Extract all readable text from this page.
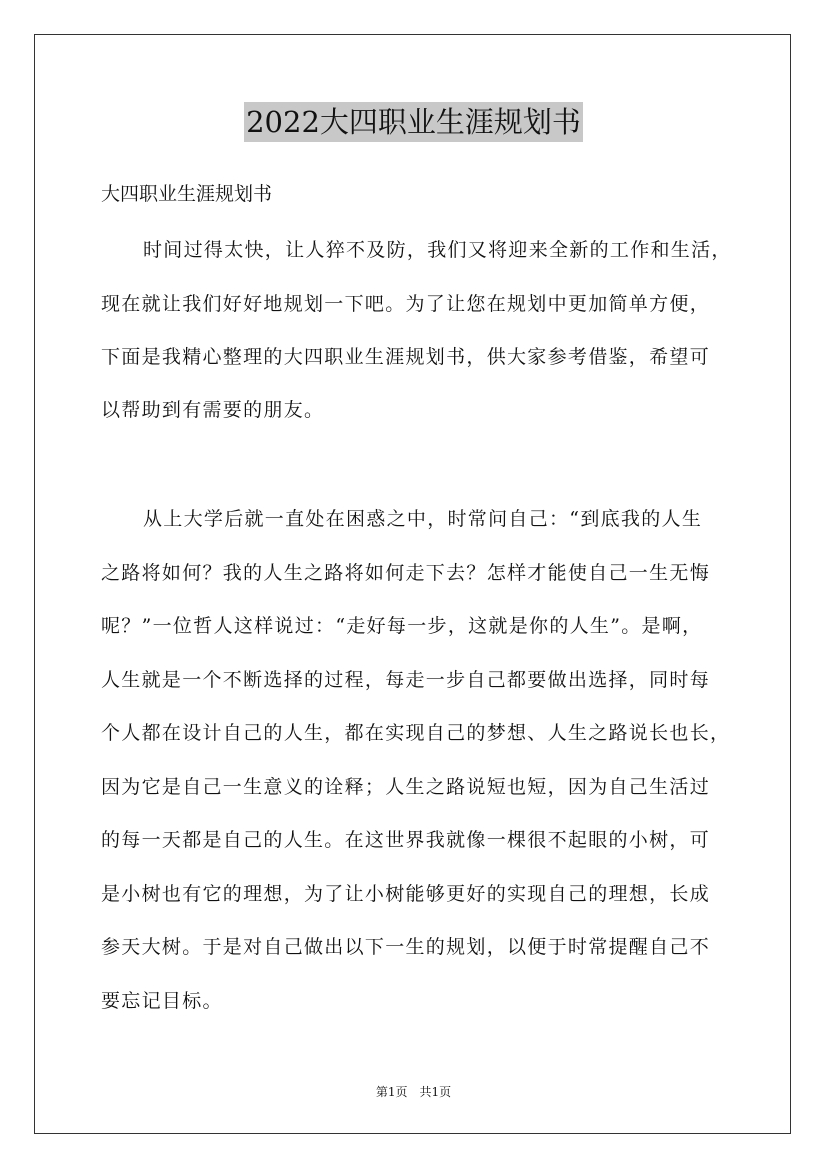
2022大四职业生涯规划书
大四职业生涯规划书
时间过得太快，让人猝不及防，我们又将迎来全新的工作和生活，
现在就让我们好好地规划一下吧。为了让您在规划中更加简单方便，
下面是我精心整理的大四职业生涯规划书，供大家参考借鉴，希望可
以帮助到有需要的朋友。
从上大学后就一直处在困惑之中，时常问自己：“到底我的人生
之路将如何？我的人生之路将如何走下去？怎样才能使自己一生无悔
呢？”一位哲人这样说过：“走好每一步，这就是你的人生”。是啊，
人生就是一个不断选择的过程，每走一步自己都要做出选择，同时每
个人都在设计自己的人生，都在实现自己的梦想、人生之路说长也长，
因为它是自己一生意义的诠释；人生之路说短也短，因为自己生活过
的每一天都是自己的人生。在这世界我就像一棵很不起眼的小树，可
是小树也有它的理想，为了让小树能够更好的实现自己的理想，长成
参天大树。于是对自己做出以下一生的规划，以便于时常提醒自己不
要忘记目标。
第1页　共1页
